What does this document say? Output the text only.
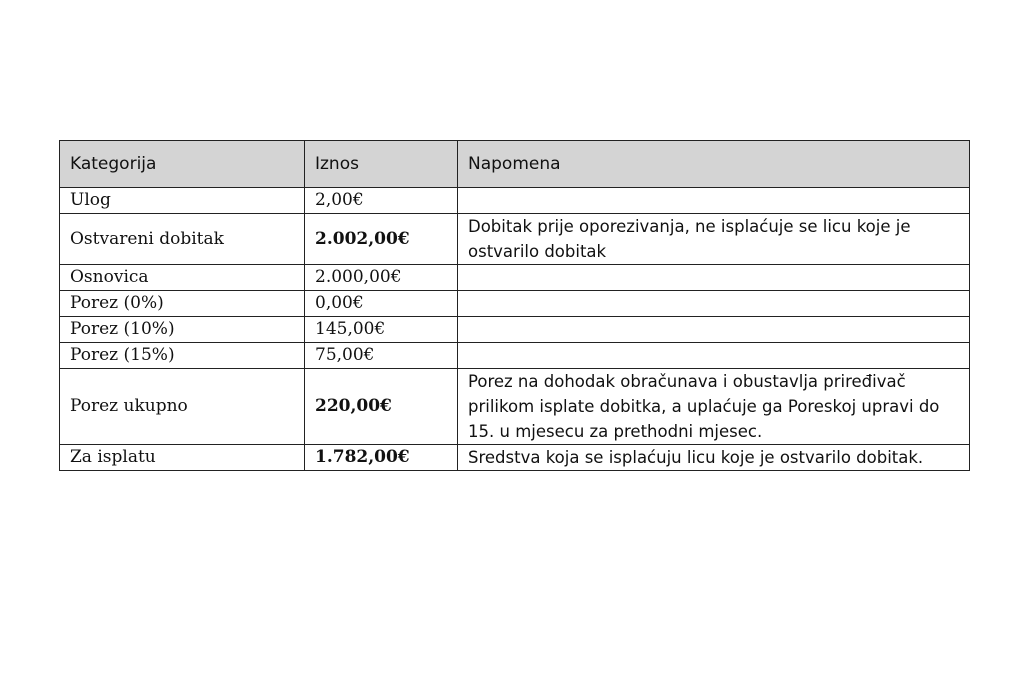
Kategorija	Iznos	Napomena
Ulog	2,00€	
Ostvareni dobitak	2.002,00€	Dobitak prije oporezivanja, ne isplaćuje se licu koje je ostvarilo dobitak
Osnovica	2.000,00€	
Porez (0%)	0,00€	
Porez (10%)	145,00€	
Porez (15%)	75,00€	
Porez ukupno	220,00€	Porez na dohodak obračunava i obustavlja priređivač prilikom isplate dobitka, a uplaćuje ga Poreskoj upravi do 15. u mjesecu za prethodni mjesec.
Za isplatu	1.782,00€	Sredstva koja se isplaćuju licu koje je ostvarilo dobitak.
